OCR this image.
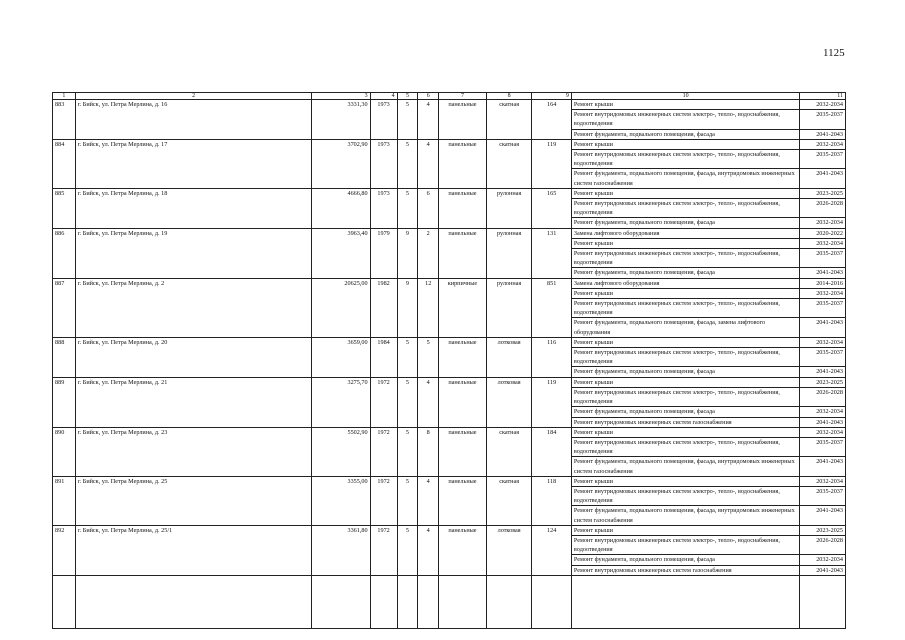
1125
1	2	3	4	5	6	7	8	9	10	11
883	г. Бийск, ул. Петра Мерлина, д. 16	3331,30	1973	5	4	панельные	скатная	164	Ремонт крыши	2032-2034
									Ремонт внутридомовых инженерных систем электро-, тепло-, водоснабжения, водоотведения	2035-2037
									Ремонт фундамента, подвального помещения, фасада	2041-2043
884	г. Бийск, ул. Петра Мерлина, д. 17	3702,90	1973	5	4	панельные	скатная	119	Ремонт крыши	2032-2034
									Ремонт внутридомовых инженерных систем электро-, тепло-, водоснабжения, водоотведения	2035-2037
									Ремонт фундамента, подвального помещения, фасада, внутридомовых инженерных систем газоснабжения	2041-2043
885	г. Бийск, ул. Петра Мерлина, д. 18	4666,80	1973	5	6	панельные	рулонная	165	Ремонт крыши	2023-2025
									Ремонт внутридомовых инженерных систем электро-, тепло-, водоснабжения, водоотведения	2026-2028
									Ремонт фундамента, подвального помещения, фасада	2032-2034
886	г. Бийск, ул. Петра Мерлина, д. 19	3963,40	1979	9	2	панельные	рулонная	131	Замена лифтового оборудования	2020-2022
									Ремонт крыши	2032-2034
									Ремонт внутридомовых инженерных систем электро-, тепло-, водоснабжения, водоотведения	2035-2037
									Ремонт фундамента, подвального помещения, фасада	2041-2043
887	г. Бийск, ул. Петра Мерлина, д. 2	20625,00	1982	9	12	кирпичные	рулонная	851	Замена лифтового оборудования	2014-2016
									Ремонт крыши	2032-2034
									Ремонт внутридомовых инженерных систем электро-, тепло-, водоснабжения, водоотведения	2035-2037
									Ремонт фундамента, подвального помещения, фасада, замена лифтового оборудования	2041-2043
888	г. Бийск, ул. Петра Мерлина, д. 20	3659,00	1984	5	5	панельные	лотковая	116	Ремонт крыши	2032-2034
									Ремонт внутридомовых инженерных систем электро-, тепло-, водоснабжения, водоотведения	2035-2037
									Ремонт фундамента, подвального помещения, фасада	2041-2043
889	г. Бийск, ул. Петра Мерлина, д. 21	3275,70	1972	5	4	панельные	лотковая	119	Ремонт крыши	2023-2025
									Ремонт внутридомовых инженерных систем электро-, тепло-, водоснабжения, водоотведения	2026-2028
									Ремонт фундамента, подвального помещения, фасада	2032-2034
									Ремонт внутридомовых инженерных систем газоснабжения	2041-2043
890	г. Бийск, ул. Петра Мерлина, д. 23	5502,90	1972	5	8	панельные	скатная	184	Ремонт крыши	2032-2034
									Ремонт внутридомовых инженерных систем электро-, тепло-, водоснабжения, водоотведения	2035-2037
									Ремонт фундамента, подвального помещения, фасада, внутридомовых инженерных систем газоснабжения	2041-2043
891	г. Бийск, ул. Петра Мерлина, д. 25	3355,00	1972	5	4	панельные	скатная	118	Ремонт крыши	2032-2034
									Ремонт внутридомовых инженерных систем электро-, тепло-, водоснабжения, водоотведения	2035-2037
									Ремонт фундамента, подвального помещения, фасада, внутридомовых инженерных систем газоснабжения	2041-2043
892	г. Бийск, ул. Петра Мерлина, д. 25/1	3361,80	1972	5	4	панельные	лотковая	124	Ремонт крыши	2023-2025
									Ремонт внутридомовых инженерных систем электро-, тепло-, водоснабжения, водоотведения	2026-2028
									Ремонт фундамента, подвального помещения, фасада	2032-2034
									Ремонт внутридомовых инженерных систем газоснабжения	2041-2043
